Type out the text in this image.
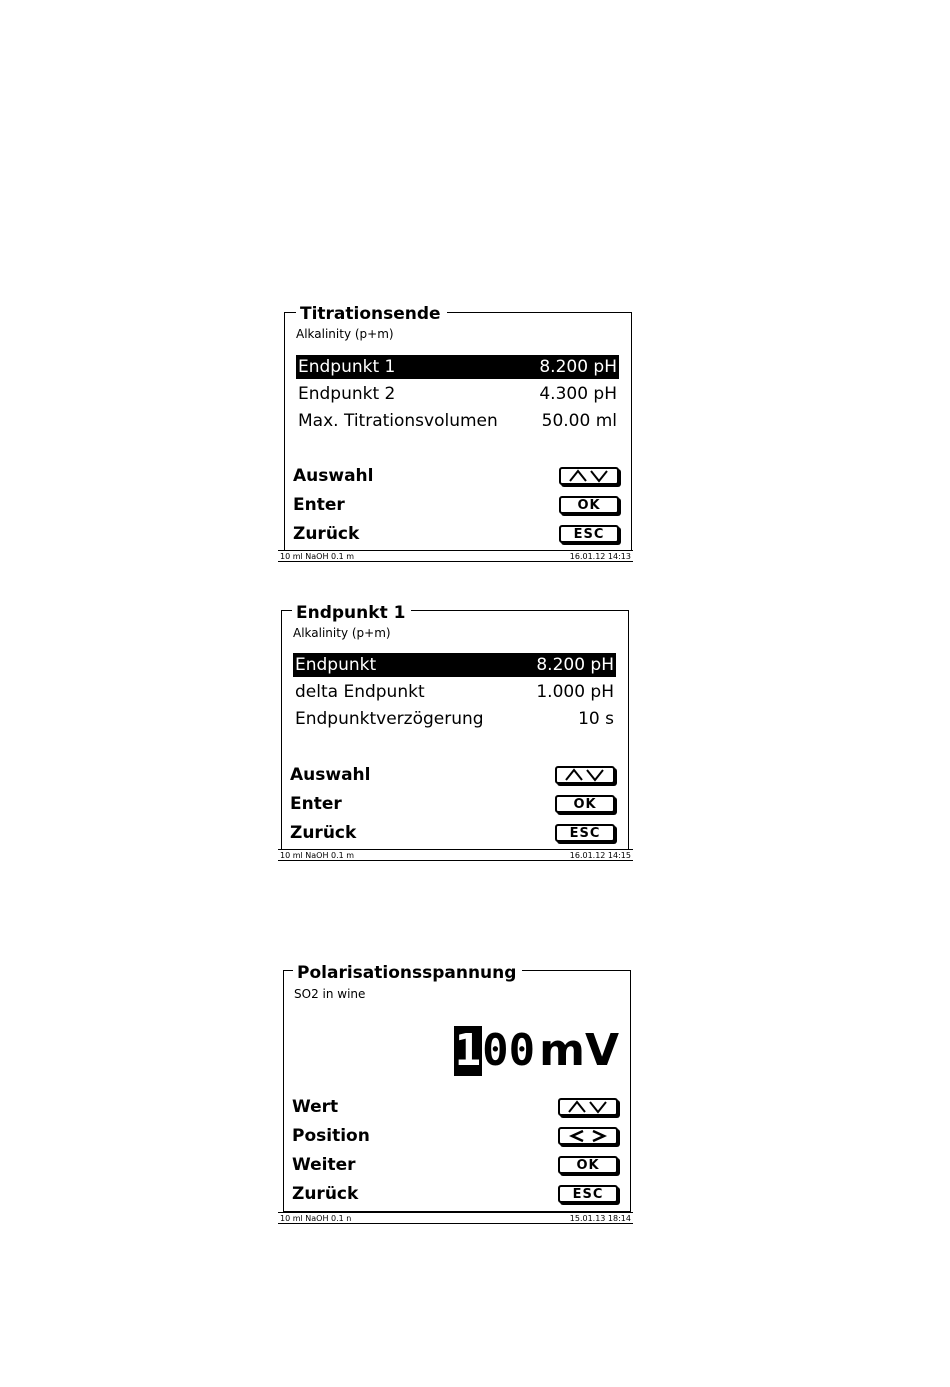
Titrationsende
Alkalinity (p+m)
Endpunkt 1	8.200 pH
Endpunkt 2	4.300 pH
Max. Titrationsvolumen	50.00 ml
Auswahl
Enter	OK
Zurück	ESC
10 ml NaOH 0.1 m	16.01.12 14:13
Endpunkt 1
Alkalinity (p+m)
Endpunkt	8.200 pH
delta Endpunkt	1.000 pH
Endpunktverzögerung	10 s
Auswahl
Enter	OK
Zurück	ESC
10 ml NaOH 0.1 m	16.01.12 14:15
Polarisationsspannung
SO2 in wine
1 00 mV
Wert
Position
Weiter	OK
Zurück	ESC
10 ml NaOH 0.1 n	15.01.13 18:14
